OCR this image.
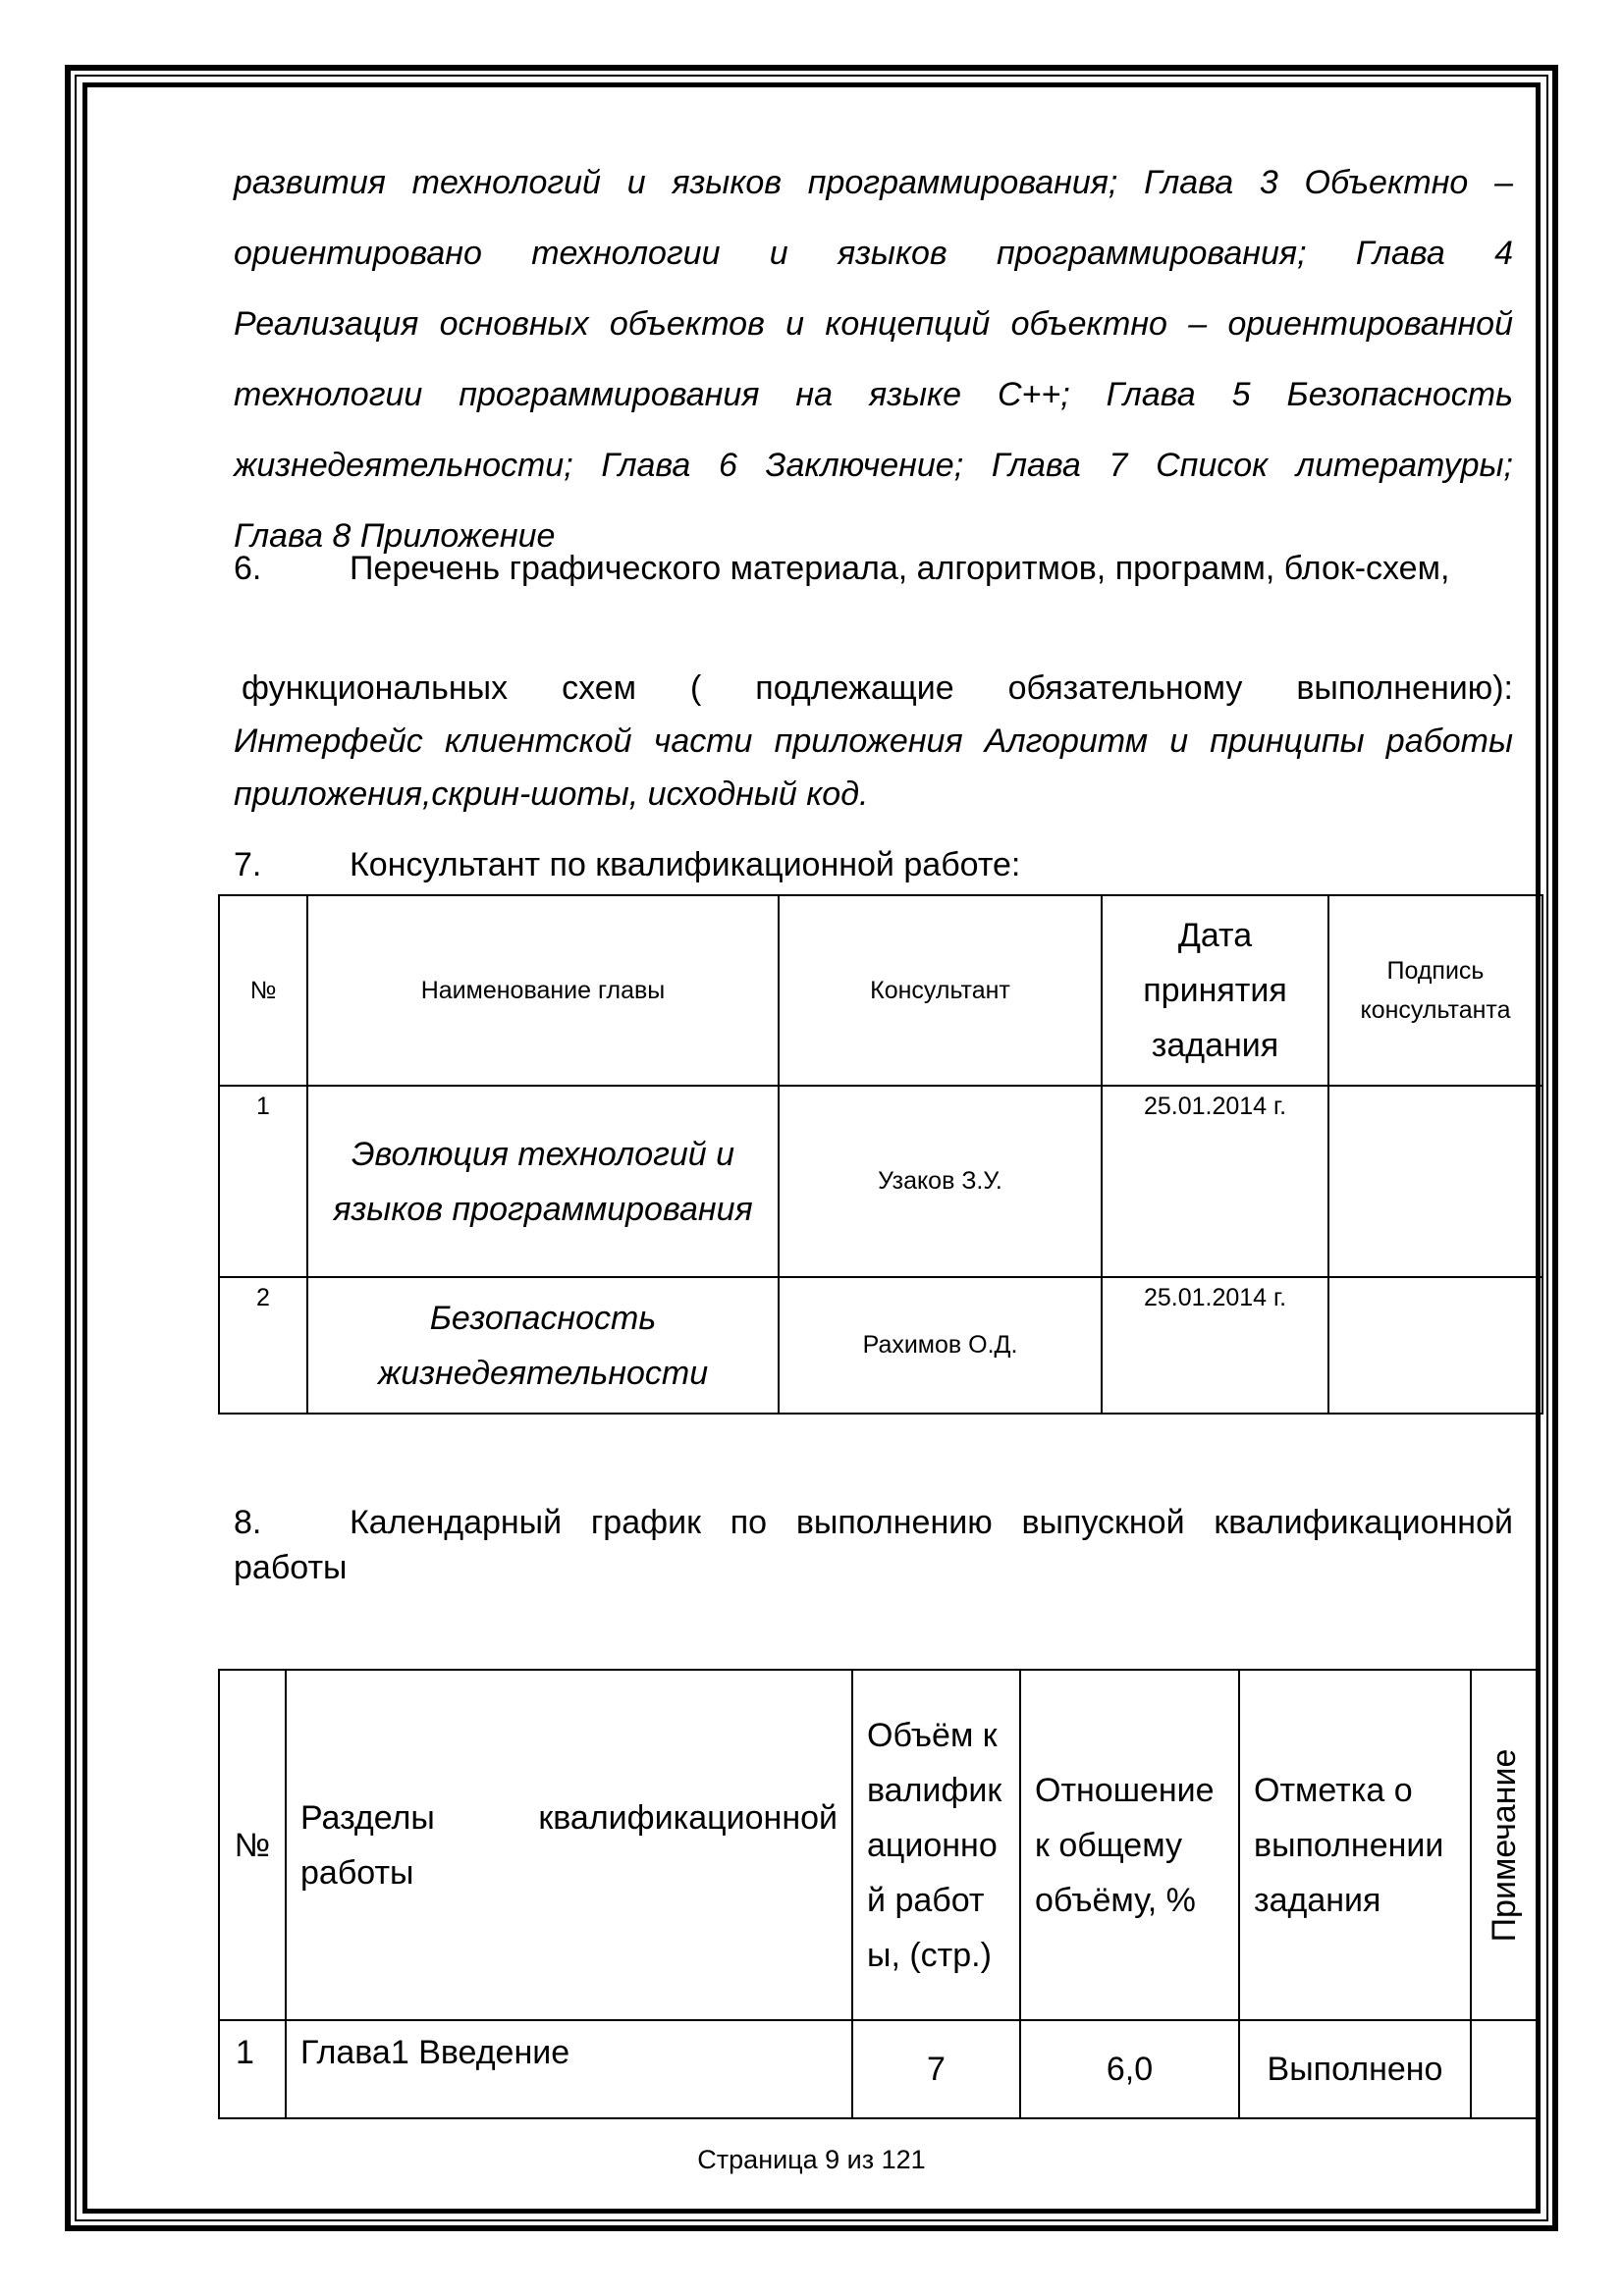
развития технологий и языков программирования; Глава 3 Объектно –
ориентировано технологии и языков программирования; Глава 4
Реализация основных объектов и концепций объектно – ориентированной
технологии программирования на языке С++; Глава 5 Безопасность
жизнедеятельности; Глава 6 Заключение; Глава 7 Список литературы;
Глава 8 Приложение
6.	Перечень графического материала, алгоритмов, программ, блок-схем,
функциональных схем ( подлежащие обязательному выполнению):
Интерфейс клиентской части приложения Алгоритм и принципы работы
приложения,скрин-шоты, исходный код.
7.	Консультант по квалификационной работе:
№	Наименование главы	Консультант	Дата принятия задания	Подпись консультанта

1	Эволюция технологий и языков программирования	Узаков З.У.	25.01.2014 г.	
2	Безопасность жизнедеятельности	Рахимов О.Д.	25.01.2014 г.	
8.	Календарный график по выполнению выпускной квалификационной
работы
№	Разделы квалификационной работы	Объём квалификационной работы, (стр.)	Отношение к общему объёму, %	Отметка о выполнении задания	Примечание

1	Глава1 Введение	7	6,0	Выполнено	
Страница 9 из 121
